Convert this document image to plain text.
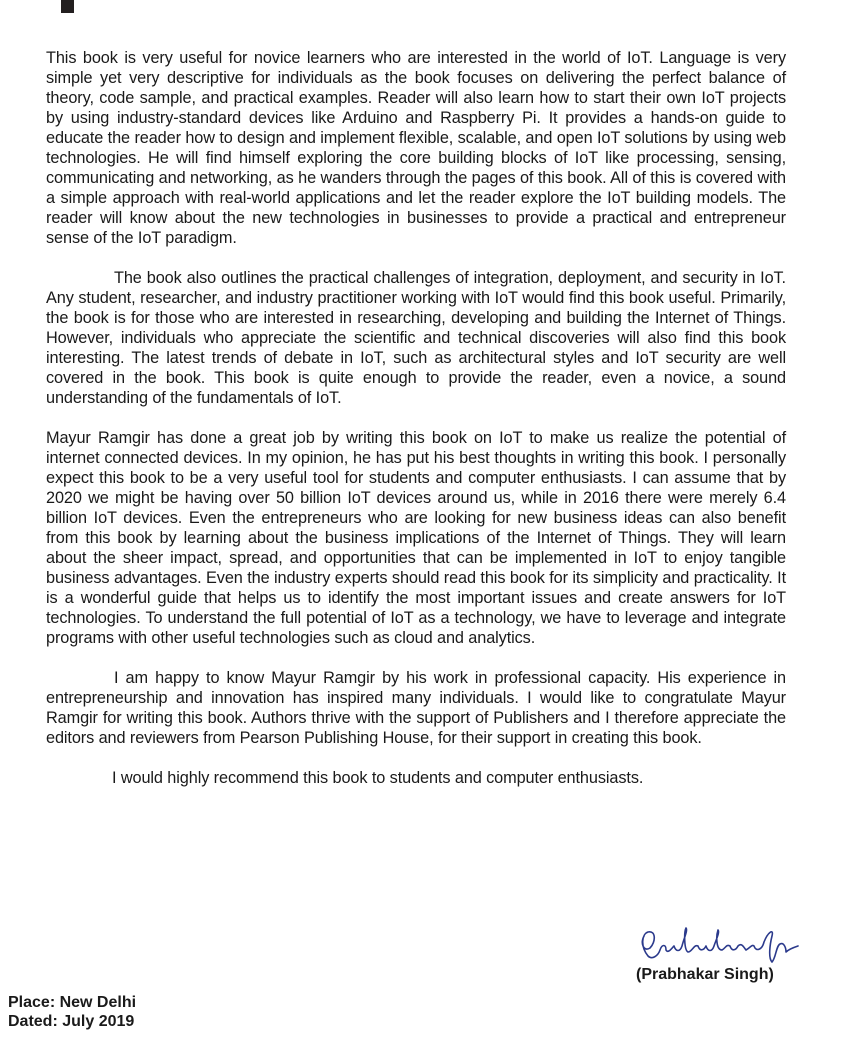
This book is very useful for novice learners who are interested in the world of IoT. Language is very simple yet very descriptive for individuals as the book focuses on delivering the perfect balance of theory, code sample, and practical examples. Reader will also learn how to start their own IoT projects by using industry-standard devices like Arduino and Raspberry Pi. It provides a hands-on guide to educate the reader how to design and implement flexible, scalable, and open IoT solutions by using web technologies. He will find himself exploring the core building blocks of IoT like processing, sensing, communicating and networking, as he wanders through the pages of this book. All of this is covered with a simple approach with real-world applications and let the reader explore the IoT building models. The reader will know about the new technologies in businesses to provide a practical and entrepreneur sense of the IoT paradigm.

The book also outlines the practical challenges of integration, deployment, and security in IoT. Any student, researcher, and industry practitioner working with IoT would find this book useful. Primarily, the book is for those who are interested in researching, developing and building the Internet of Things. However, individuals who appreciate the scientific and technical discoveries will also find this book interesting. The latest trends of debate in IoT, such as architectural styles and IoT security are well covered in the book. This book is quite enough to provide the reader, even a novice, a sound understanding of the fundamentals of IoT.

Mayur Ramgir has done a great job by writing this book on IoT to make us realize the potential of internet connected devices. In my opinion, he has put his best thoughts in writing this book. I personally expect this book to be a very useful tool for students and computer enthusiasts. I can assume that by 2020 we might be having over 50 billion IoT devices around us, while in 2016 there were merely 6.4 billion IoT devices. Even the entrepreneurs who are looking for new business ideas can also benefit from this book by learning about the business implications of the Internet of Things. They will learn about the sheer impact, spread, and opportunities that can be implemented in IoT to enjoy tangible business advantages. Even the industry experts should read this book for its simplicity and practicality. It is a wonderful guide that helps us to identify the most important issues and create answers for IoT technologies. To understand the full potential of IoT as a technology, we have to leverage and integrate programs with other useful technologies such as cloud and analytics.

I am happy to know Mayur Ramgir by his work in professional capacity. His experience in entrepreneurship and innovation has inspired many individuals. I would like to congratulate Mayur Ramgir for writing this book. Authors thrive with the support of Publishers and I therefore appreciate the editors and reviewers from Pearson Publishing House, for their support in creating this book.

I would highly recommend this book to students and computer enthusiasts.

(Prabhakar Singh)
Place: New Delhi
Dated: July 2019
